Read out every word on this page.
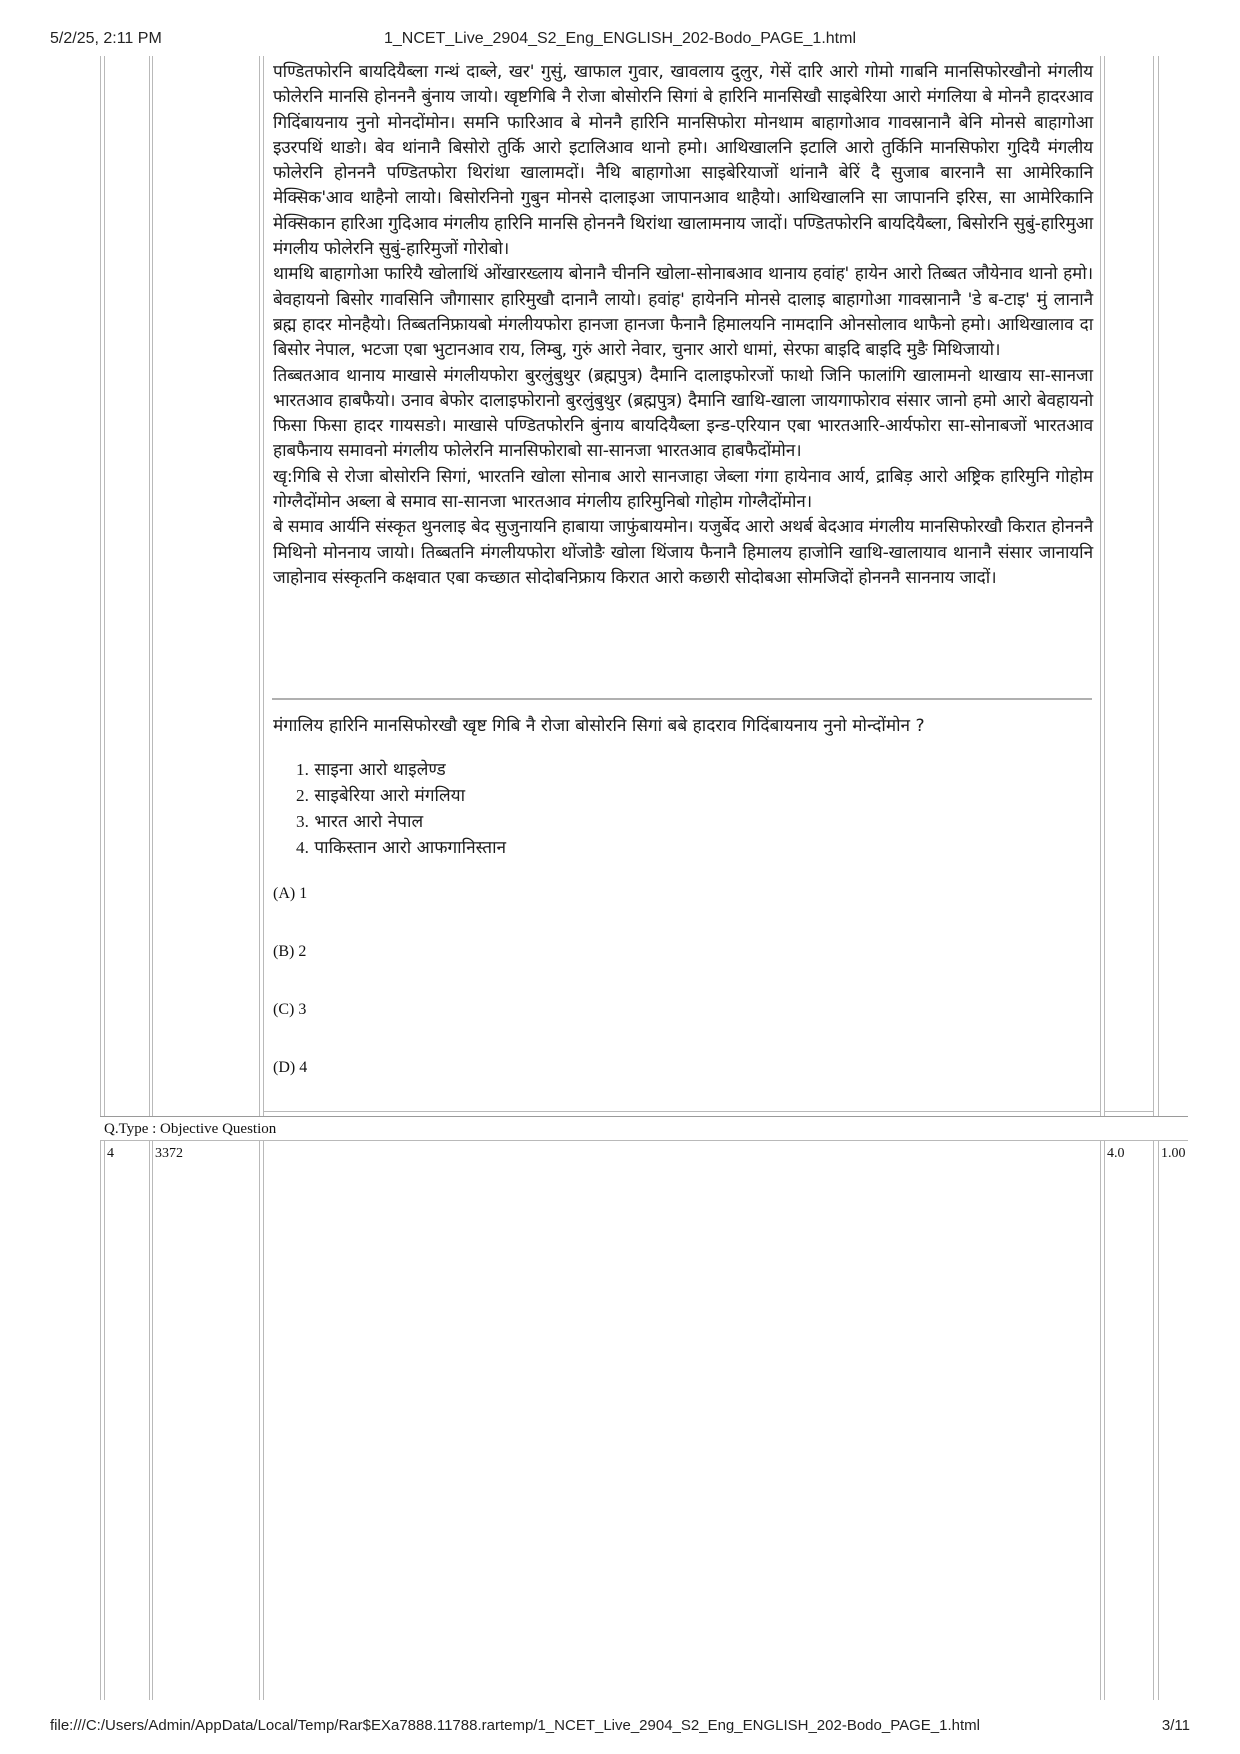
5/2/25, 2:11 PM	1_NCET_Live_2904_S2_Eng_ENGLISH_202-Bodo_PAGE_1.html

पण्डितफोरनि बायदियैब्ला गन्थं दाब्ले, खर' गुसुं, खाफाल गुवार, खावलाय दुलुर, गेसें दारि आरो गोमो गाबनि मानसिफोरखौनो मंगलीय फोलेरनि मानसि होनननै बुंनाय जायो। खृष्टगिबि नै रोजा बोसोरनि सिगां बे हारिनि मानसिखौ साइबेरिया आरो मंगलिया बे मोननै हादरआव गिदिंबायनाय नुनो मोनदोंमोन। समनि फारिआव बे मोननै हारिनि मानसिफोरा मोनथाम बाहागोआव गावस्रानानै बेनि मोनसे बाहागोआ इउरपथिं थाङो। बेव थांनानै बिसोरो तुर्कि आरो इटालिआव थानो हमो। आथिखालनि इटालि आरो तुर्किनि मानसिफोरा गुदियै मंगलीय फोलेरनि होनननै पण्डितफोरा थिरांथा खालामदों। नैथि बाहागोआ साइबेरियाजों थांनानै बेरिं दै सुजाब बारनानै सा आमेरिकानि मेक्सिक'आव थाहैनो लायो। बिसोरनिनो गुबुन मोनसे दालाइआ जापानआव थाहैयो। आथिखालनि सा जापाननि इरिस, सा आमेरिकानि मेक्सिकान हारिआ गुदिआव मंगलीय हारिनि मानसि होनननै थिरांथा खालामनाय जादों। पण्डितफोरनि बायदियैब्ला, बिसोरनि सुबुं-हारिमुआ मंगलीय फोलेरनि सुबुं-हारिमुजों गोरोबो।

थामथि बाहागोआ फारियै खोलाथिं ओंखारख्लाय बोनानै चीननि खोला-सोनाबआव थानाय हवांह' हायेन आरो तिब्बत जौयेनाव थानो हमो। बेवहायनो बिसोर गावसिनि जौगासार हारिमुखौ दानानै लायो। हवांह' हायेननि मोनसे दालाइ बाहागोआ गावस्रानानै 'डे ब-टाइ' मुं लानानै ब्रह्म हादर मोनहैयो। तिब्बतनिफ्रायबो मंगलीयफोरा हानजा हानजा फैनानै हिमालयनि नामदानि ओनसोलाव थाफैनो हमो। आथिखालाव दा बिसोर नेपाल, भटजा एबा भुटानआव राय, लिम्बु, गुरुं आरो नेवार, चुनार आरो धामां, सेरफा बाइदि बाइदि मुङै मिथिजायो।

तिब्बतआव थानाय माखासे मंगलीयफोरा बुरलुंबुथुर (ब्रह्मपुत्र) दैमानि दालाइफोरजों फाथो जिनि फालांगि खालामनो थाखाय सा-सानजा भारतआव हाबफैयो। उनाव बेफोर दालाइफोरानो बुरलुंबुथुर (ब्रह्मपुत्र) दैमानि खाथि-खाला जायगाफोराव संसार जानो हमो आरो बेवहायनो फिसा फिसा हादर गायसङो। माखासे पण्डितफोरनि बुंनाय बायदियैब्ला इन्ड-एरियान एबा भारतआरि-आर्यफोरा सा-सोनाबजों भारतआव हाबफैनाय समावनो मंगलीय फोलेरनि मानसिफोराबो सा-सानजा भारतआव हाबफैदोंमोन।

खृ:गिबि से रोजा बोसोरनि सिगां, भारतनि खोला सोनाब आरो सानजाहा जेब्ला गंगा हायेनाव आर्य, द्राबिड़ आरो अष्ट्रिक हारिमुनि गोहोम गोग्लैदोंमोन अब्ला बे समाव सा-सानजा भारतआव मंगलीय हारिमुनिबो गोहोम गोग्लैदोंमोन।

बे समाव आर्यनि संस्कृत थुनलाइ बेद सुजुनायनि हाबाया जाफुंबायमोन। यजुर्बेद आरो अथर्ब बेदआव मंगलीय मानसिफोरखौ किरात होनननै मिथिनो मोननाय जायो। तिब्बतनि मंगलीयफोरा थोंजोङै खोला थिंजाय फैनानै हिमालय हाजोनि खाथि-खालायाव थानानै संसार जानायनि जाहोनाव संस्कृतनि कक्षवात एबा कच्छात सोदोबनिफ्राय किरात आरो कछारी सोदोबआ सोमजिदों होनननै साननाय जादों।

मंगालिय हारिनि मानसिफोरखौ खृष्ट गिबि नै रोजा बोसोरनि सिगां बबे हादराव गिदिंबायनाय नुनो मोन्दोंमोन ?
1. साइना आरो थाइलेण्ड
2. साइबेरिया आरो मंगलिया
3. भारत आरो नेपाल
4. पाकिस्तान आरो आफगानिस्तान
(A) 1
(B) 2
(C) 3
(D) 4
Q.Type : Objective Question
4	3372	4.0	1.00
file:///C:/Users/Admin/AppData/Local/Temp/Rar$EXa7888.11788.rartemp/1_NCET_Live_2904_S2_Eng_ENGLISH_202-Bodo_PAGE_1.html	3/11
